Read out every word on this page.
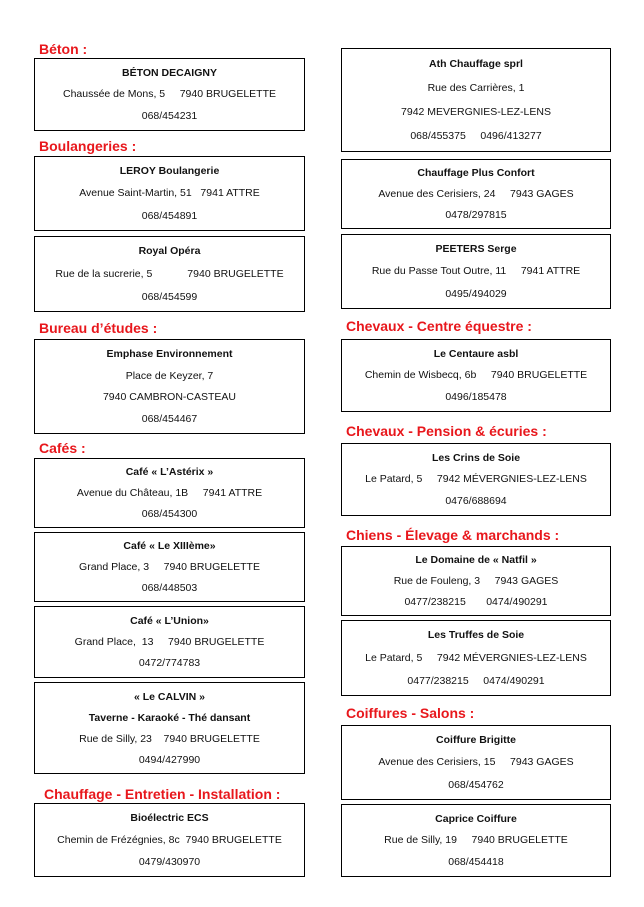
Béton :
BÉTON DECAIGNY
Chaussée de Mons, 5     7940 BRUGELETTE
068/454231
Boulangeries :
LEROY Boulangerie
Avenue Saint-Martin, 51   7941 ATTRE
068/454891
Royal Opéra
Rue de la sucrerie, 5            7940 BRUGELETTE
068/454599
Bureau d’études :
Emphase Environnement
Place de Keyzer, 7
7940 CAMBRON-CASTEAU
068/454467
Cafés :
Café « L’Astérix »
Avenue du Château, 1B     7941 ATTRE
068/454300
Café « Le XIIIème»
Grand Place, 3     7940 BRUGELETTE
068/448503
Café « L’Union»
Grand Place,  13     7940 BRUGELETTE
0472/774783
« Le CALVIN »
Taverne - Karaoké - Thé dansant
Rue de Silly, 23    7940 BRUGELETTE
0494/427990
Chauffage - Entretien - Installation :
Bioélectric ECS
Chemin de Frézégnies, 8c  7940 BRUGELETTE
0479/430970
Ath Chauffage sprl
Rue des Carrières, 1
7942 MEVERGNIES-LEZ-LENS
068/455375     0496/413277
Chauffage Plus Confort
Avenue des Cerisiers, 24     7943 GAGES
0478/297815
PEETERS Serge
Rue du Passe Tout Outre, 11     7941 ATTRE
0495/494029
Chevaux - Centre équestre :
Le Centaure asbl
Chemin de Wisbecq, 6b     7940 BRUGELETTE
0496/185478
Chevaux - Pension & écuries :
Les Crins de Soie
Le Patard, 5     7942 MÉVERGNIES-LEZ-LENS
0476/688694
Chiens - Élevage & marchands :
Le Domaine de « Natfil »
Rue de Fouleng, 3     7943 GAGES
0477/238215       0474/490291
Les Truffes de Soie
Le Patard, 5     7942 MÉVERGNIES-LEZ-LENS
0477/238215     0474/490291
Coiffures - Salons :
Coiffure Brigitte
Avenue des Cerisiers, 15     7943 GAGES
068/454762
Caprice Coiffure
Rue de Silly, 19     7940 BRUGELETTE
068/454418
